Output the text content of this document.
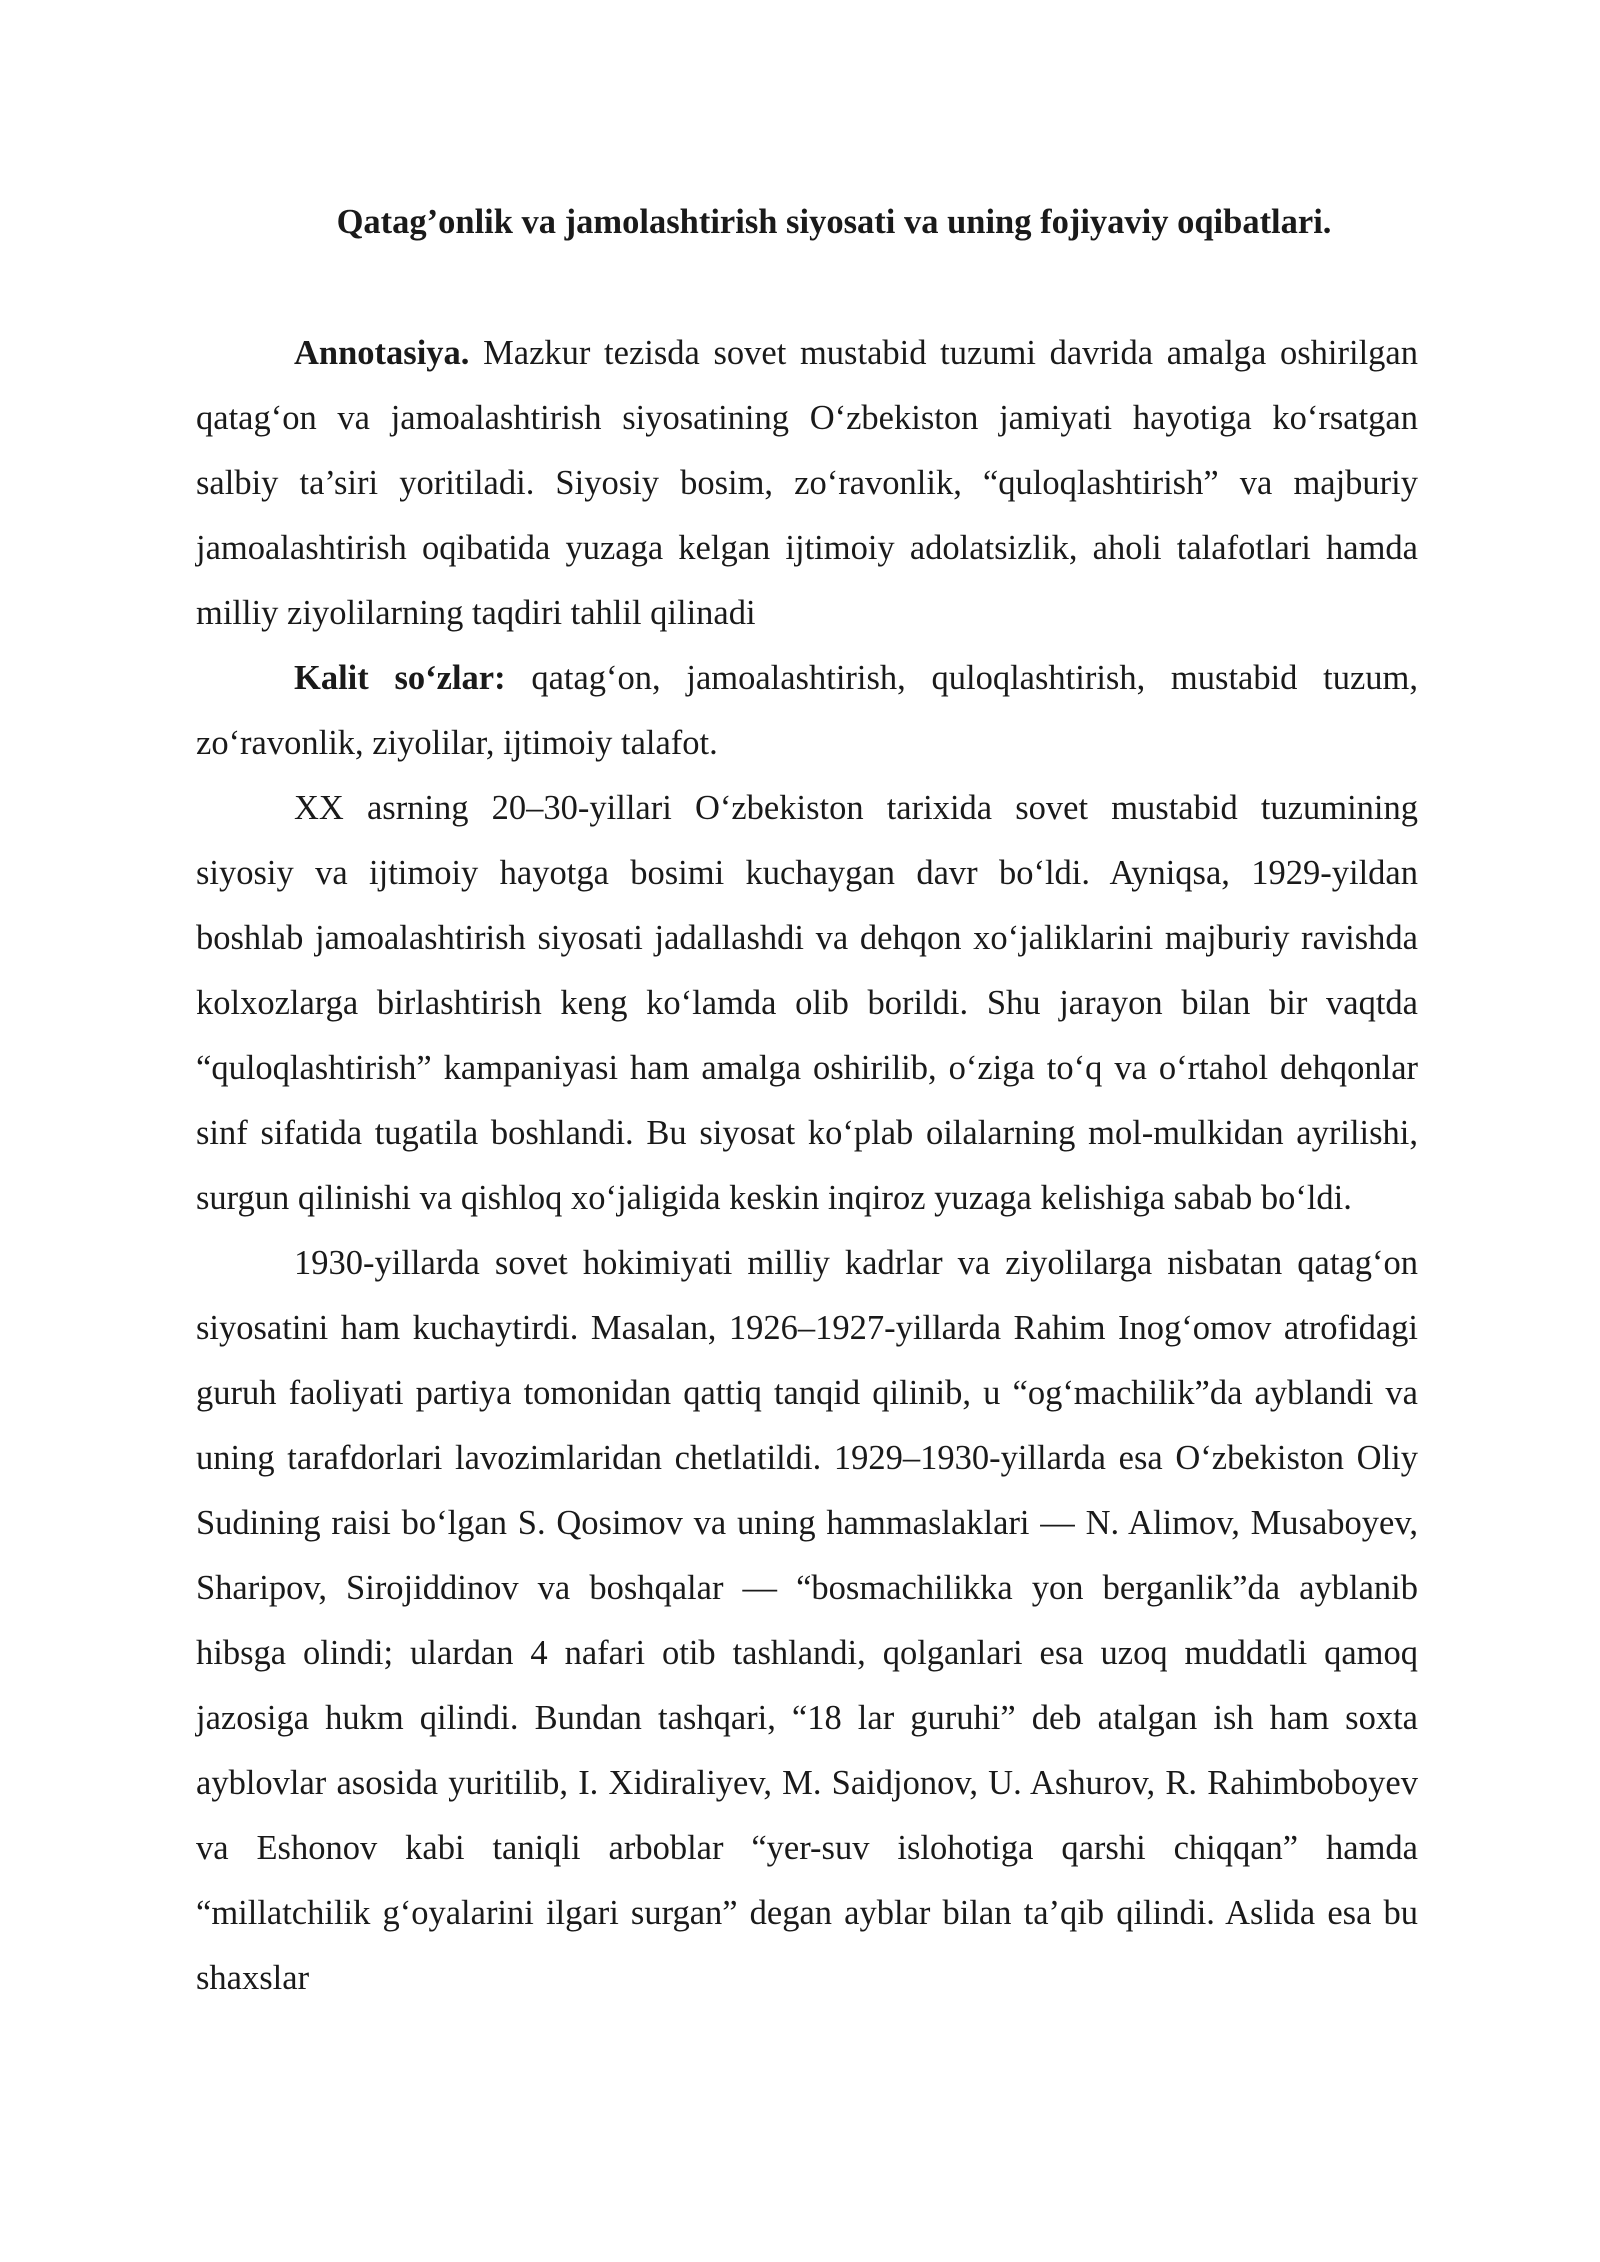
Qatag’onlik va jamolashtirish siyosati va uning fojiyaviy oqibatlari.

Annotasiya. Mazkur tezisda sovet mustabid tuzumi davrida amalga oshirilgan qatag‘on va jamoalashtirish siyosatining O‘zbekiston jamiyati hayotiga ko‘rsatgan salbiy ta’siri yoritiladi. Siyosiy bosim, zo‘ravonlik, “quloqlashtirish” va majburiy jamoalashtirish oqibatida yuzaga kelgan ijtimoiy adolatsizlik, aholi talafotlari hamda milliy ziyolilarning taqdiri tahlil qilinadi

Kalit so‘zlar: qatag‘on, jamoalashtirish, quloqlashtirish, mustabid tuzum, zo‘ravonlik, ziyolilar, ijtimoiy talafot.

XX asrning 20–30-yillari O‘zbekiston tarixida sovet mustabid tuzumining siyosiy va ijtimoiy hayotga bosimi kuchaygan davr bo‘ldi. Ayniqsa, 1929-yildan boshlab jamoalashtirish siyosati jadallashdi va dehqon xo‘jaliklarini majburiy ravishda kolxozlarga birlashtirish keng ko‘lamda olib borildi. Shu jarayon bilan bir vaqtda “quloqlashtirish” kampaniyasi ham amalga oshirilib, o‘ziga to‘q va o‘rtahol dehqonlar sinf sifatida tugatila boshlandi. Bu siyosat ko‘plab oilalarning mol-mulkidan ayrilishi, surgun qilinishi va qishloq xo‘jaligida keskin inqiroz yuzaga kelishiga sabab bo‘ldi.

1930-yillarda sovet hokimiyati milliy kadrlar va ziyolilarga nisbatan qatag‘on siyosatini ham kuchaytirdi. Masalan, 1926–1927-yillarda Rahim Inog‘omov atrofidagi guruh faoliyati partiya tomonidan qattiq tanqid qilinib, u “og‘machilik”da ayblandi va uning tarafdorlari lavozimlaridan chetlatildi. 1929–1930-yillarda esa O‘zbekiston Oliy Sudining raisi bo‘lgan S. Qosimov va uning hammaslaklari — N. Alimov, Musaboyev, Sharipov, Sirojiddinov va boshqalar — “bosmachilikka yon berganlik”da ayblanib hibsga olindi; ulardan 4 nafari otib tashlandi, qolganlari esa uzoq muddatli qamoq jazosiga hukm qilindi. Bundan tashqari, “18 lar guruhi” deb atalgan ish ham soxta ayblovlar asosida yuritilib, I. Xidiraliyev, M. Saidjonov, U. Ashurov, R. Rahimboboyev va Eshonov kabi taniqli arboblar “yer-suv islohotiga qarshi chiqqan” hamda “millatchilik g‘oyalarini ilgari surgan” degan ayblar bilan ta’qib qilindi. Aslida esa bu shaxslar
